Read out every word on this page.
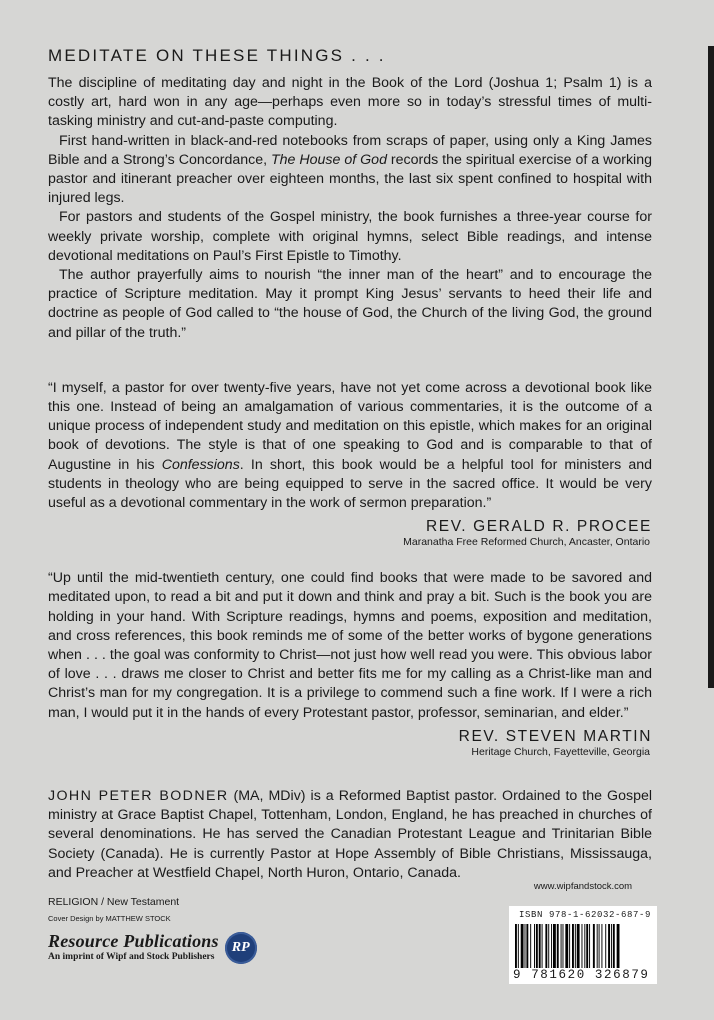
MEDITATE ON THESE THINGS . . .

The discipline of meditating day and night in the Book of the Lord (Joshua 1; Psalm 1) is a costly art, hard won in any age—perhaps even more so in today’s stressful times of multi-tasking ministry and cut-and-paste computing.

First hand-written in black-and-red notebooks from scraps of paper, using only a King James Bible and a Strong’s Concordance, The House of God records the spiritual exercise of a working pastor and itinerant preacher over eighteen months, the last six spent confined to hospital with injured legs.

For pastors and students of the Gospel ministry, the book furnishes a three-year course for weekly private worship, complete with original hymns, select Bible readings, and intense devotional meditations on Paul’s First Epistle to Timothy.

The author prayerfully aims to nourish “the inner man of the heart” and to encourage the practice of Scripture meditation. May it prompt King Jesus’ servants to heed their life and doctrine as people of God called to “the house of God, the Church of the living God, the ground and pillar of the truth.”

“I myself, a pastor for over twenty-five years, have not yet come across a devotional book like this one. Instead of being an amalgamation of various commentaries, it is the outcome of a unique process of independent study and meditation on this epistle, which makes for an original book of devotions. The style is that of one speaking to God and is comparable to that of Augustine in his Confessions. In short, this book would be a helpful tool for ministers and students in theology who are being equipped to serve in the sacred office. It would be very useful as a devotional commentary in the work of sermon preparation.”

REV. GERALD R. PROCEE
Maranatha Free Reformed Church, Ancaster, Ontario

“Up until the mid-twentieth century, one could find books that were made to be savored and meditated upon, to read a bit and put it down and think and pray a bit. Such is the book you are holding in your hand. With Scripture readings, hymns and poems, exposition and meditation, and cross references, this book reminds me of some of the better works of bygone generations when . . . the goal was conformity to Christ—not just how well read you were. This obvious labor of love . . . draws me closer to Christ and better fits me for my calling as a Christ-like man and Christ’s man for my congregation. It is a privilege to commend such a fine work. If I were a rich man, I would put it in the hands of every Protestant pastor, professor, seminarian, and elder.”

REV. STEVEN MARTIN
Heritage Church, Fayetteville, Georgia

JOHN PETER BODNER (MA, MDiv) is a Reformed Baptist pastor. Ordained to the Gospel ministry at Grace Baptist Chapel, Tottenham, London, England, he has preached in churches of several denominations. He has served the Canadian Protestant League and Trinitarian Bible Society (Canada). He is currently Pastor at Hope Assembly of Bible Christians, Mississauga, and Preacher at Westfield Chapel, North Huron, Ontario, Canada.

RELIGION / New Testament
Cover Design by MATTHEW STOCK
Resource Publications
An imprint of Wipf and Stock Publishers
RP
www.wipfandstock.com
ISBN 978-1-62032-687-9
9 781620 326879
